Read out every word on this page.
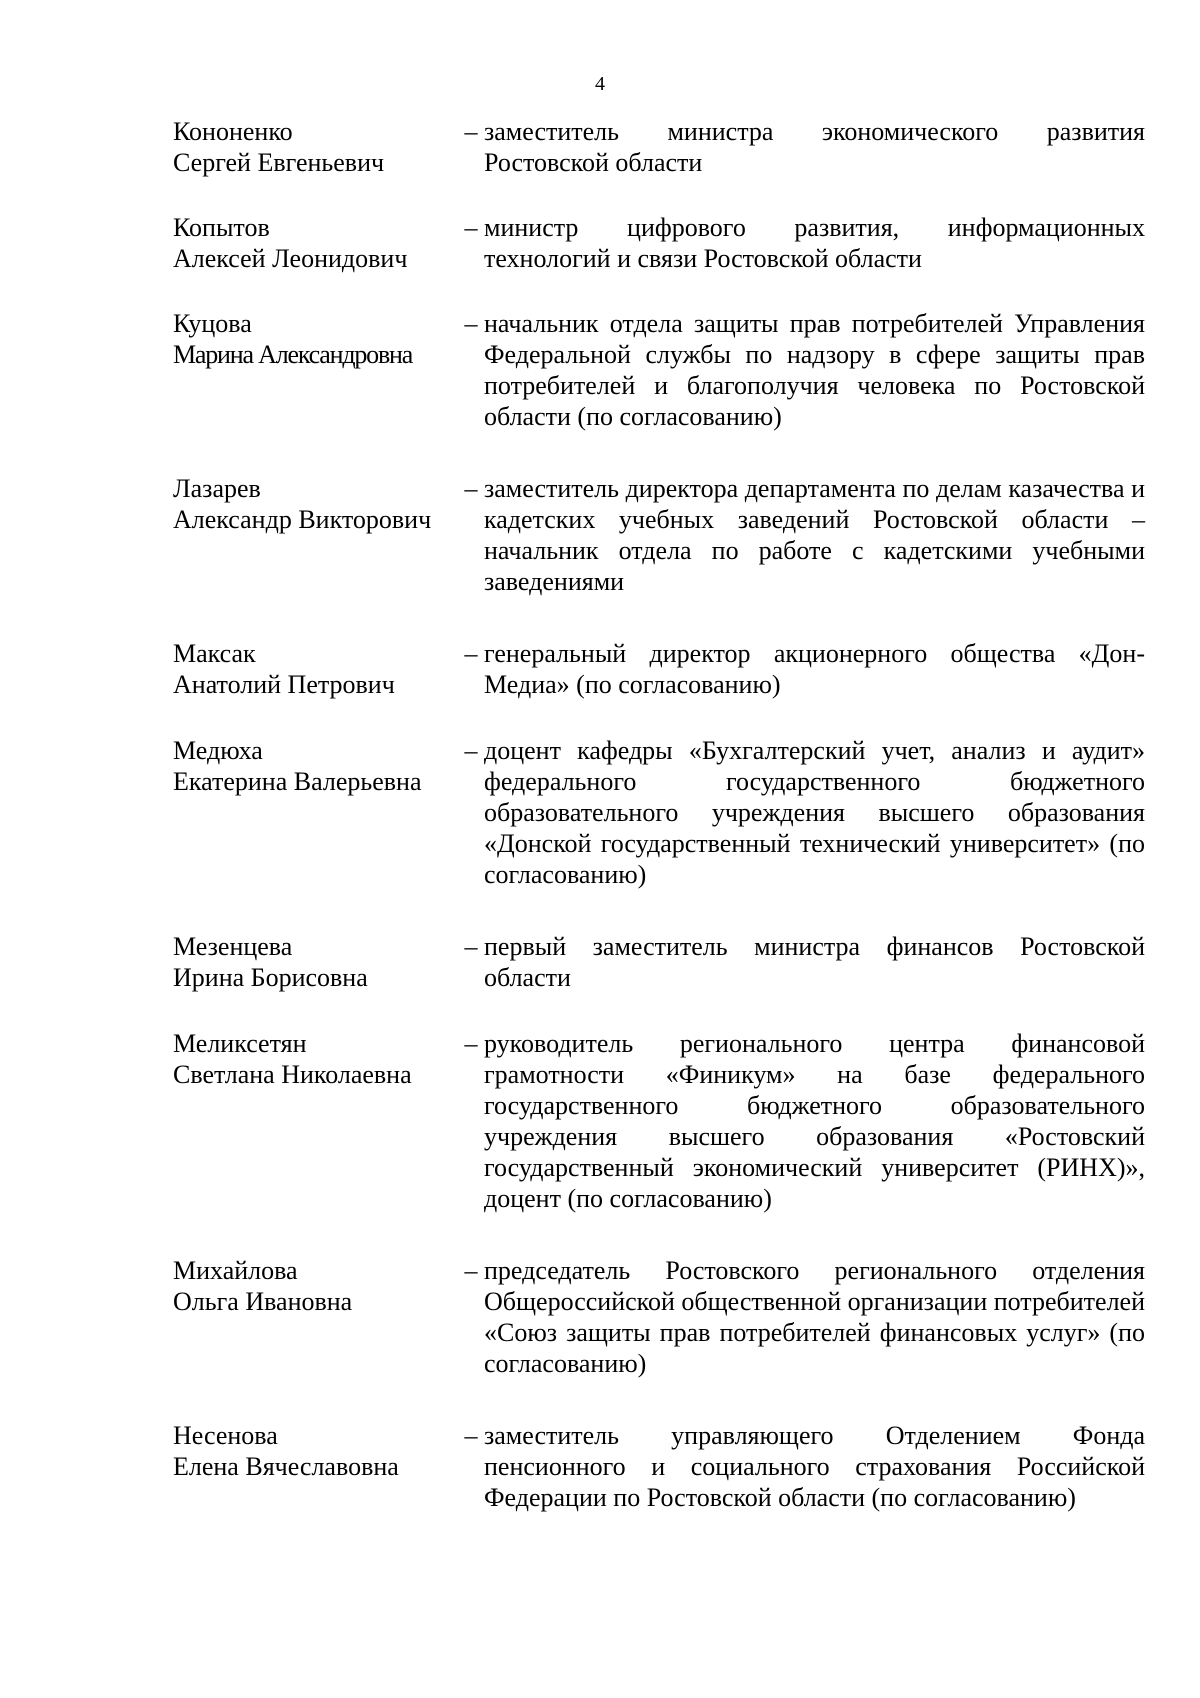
4
Кононенко
Сергей Евгеньевич
– заместитель министра экономического развития Ростовской области
Копытов
Алексей Леонидович
– министр цифрового развития, информационных технологий и связи Ростовской области
Куцова
Марина Александровна
– начальник отдела защиты прав потребителей Управления Федеральной службы по надзору в сфере защиты прав потребителей и благополучия человека по Ростовской области (по согласованию)
Лазарев
Александр Викторович
– заместитель директора департамента по делам казачества и кадетских учебных заведений Ростовской области – начальник отдела по работе с кадетскими учебными заведениями
Максак
Анатолий Петрович
– генеральный директор акционерного общества «Дон-Медиа» (по согласованию)
Медюха
Екатерина Валерьевна
– доцент кафедры «Бухгалтерский учет, анализ и аудит» федерального государственного бюджетного образовательного учреждения высшего образования «Донской государственный технический университет» (по согласованию)
Мезенцева
Ирина Борисовна
– первый заместитель министра финансов Ростовской области
Меликсетян
Светлана Николаевна
– руководитель регионального центра финансовой грамотности «Финикум» на базе федерального государственного бюджетного образовательного учреждения высшего образования «Ростовский государственный экономический университет (РИНХ)», доцент (по согласованию)
Михайлова
Ольга Ивановна
– председатель Ростовского регионального отделения Общероссийской общественной организации потребителей «Союз защиты прав потребителей финансовых услуг» (по согласованию)
Несенова
Елена Вячеславовна
– заместитель управляющего Отделением Фонда пенсионного и социального страхования Российской Федерации по Ростовской области (по согласованию)
